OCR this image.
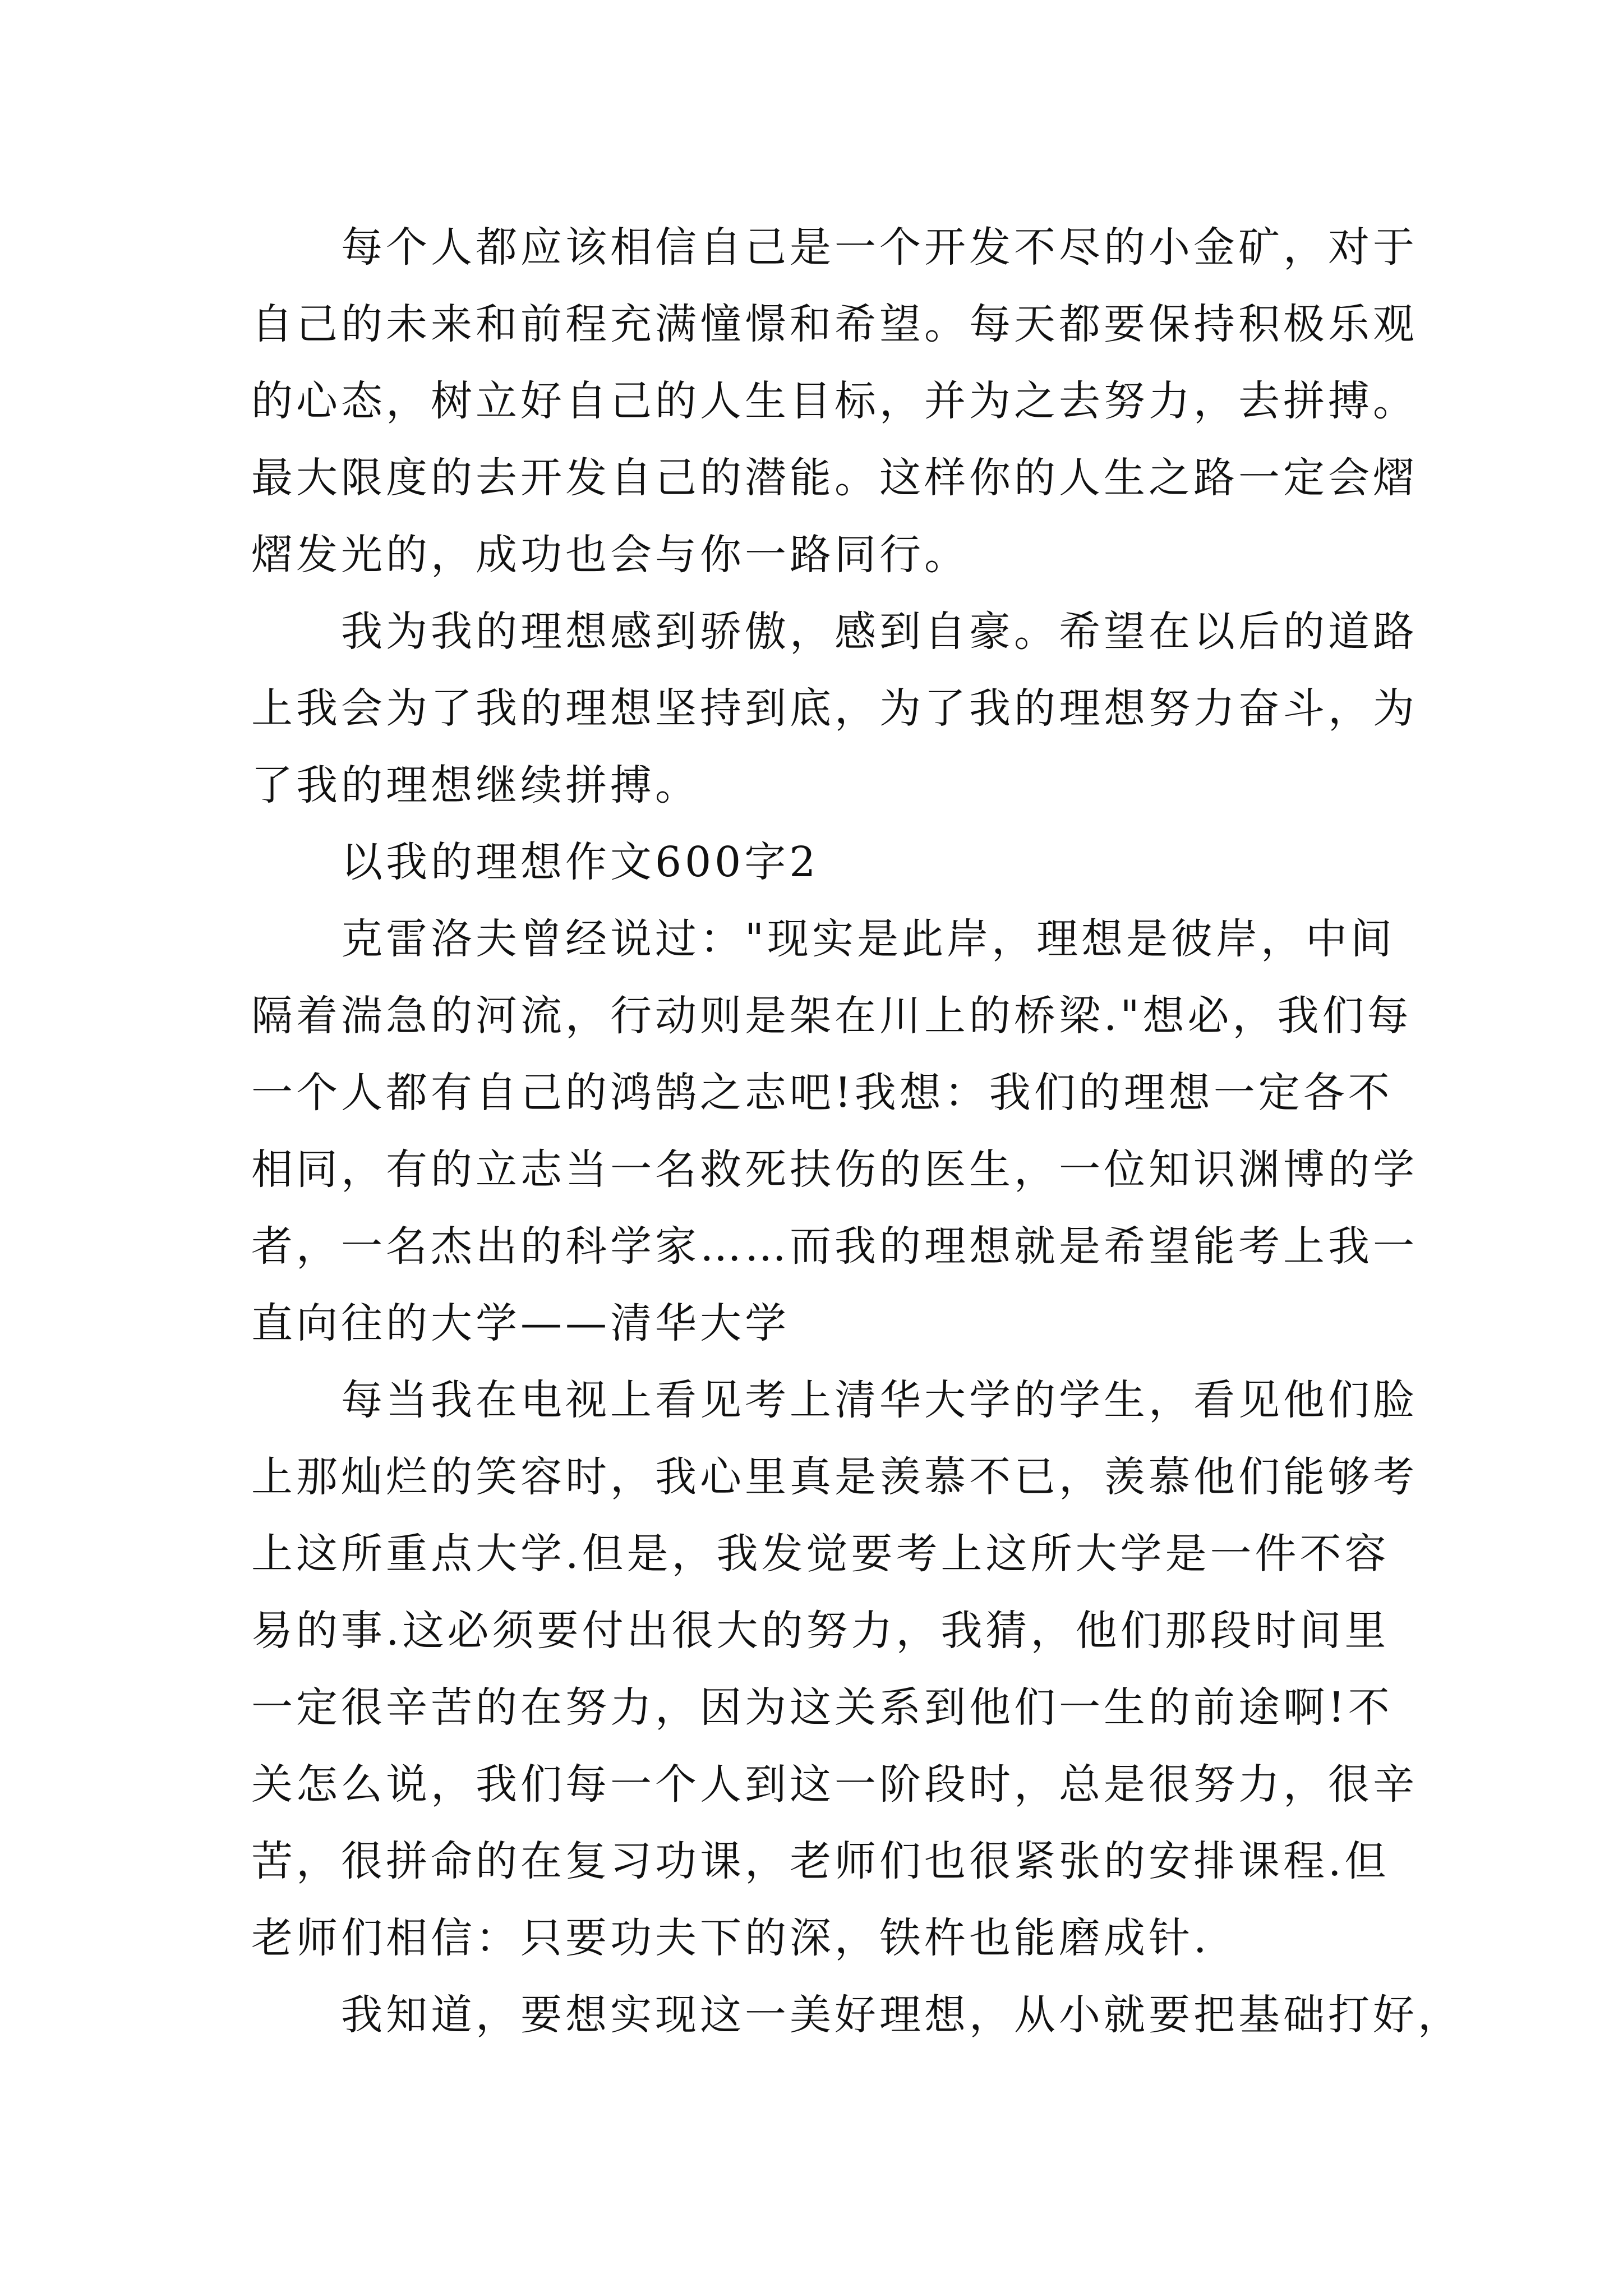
每个人都应该相信自己是一个开发不尽的小金矿，对于
自己的未来和前程充满憧憬和希望。每天都要保持积极乐观
的心态，树立好自己的人生目标，并为之去努力，去拼搏。
最大限度的去开发自己的潜能。这样你的人生之路一定会熠
熠发光的，成功也会与你一路同行。
我为我的理想感到骄傲，感到自豪。希望在以后的道路
上我会为了我的理想坚持到底，为了我的理想努力奋斗，为
了我的理想继续拼搏。
以我的理想作文600字2
克雷洛夫曾经说过："现实是此岸，理想是彼岸，中间
隔着湍急的河流，行动则是架在川上的桥梁."想必，我们每
一个人都有自己的鸿鹄之志吧!我想：我们的理想一定各不
相同，有的立志当一名救死扶伤的医生，一位知识渊博的学
者，一名杰出的科学家……而我的理想就是希望能考上我一
直向往的大学——清华大学
每当我在电视上看见考上清华大学的学生，看见他们脸
上那灿烂的笑容时，我心里真是羡慕不已，羡慕他们能够考
上这所重点大学.但是，我发觉要考上这所大学是一件不容
易的事.这必须要付出很大的努力，我猜，他们那段时间里
一定很辛苦的在努力，因为这关系到他们一生的前途啊!不
关怎么说，我们每一个人到这一阶段时，总是很努力，很辛
苦，很拼命的在复习功课，老师们也很紧张的安排课程.但
老师们相信：只要功夫下的深，铁杵也能磨成针.
我知道，要想实现这一美好理想，从小就要把基础打好，
